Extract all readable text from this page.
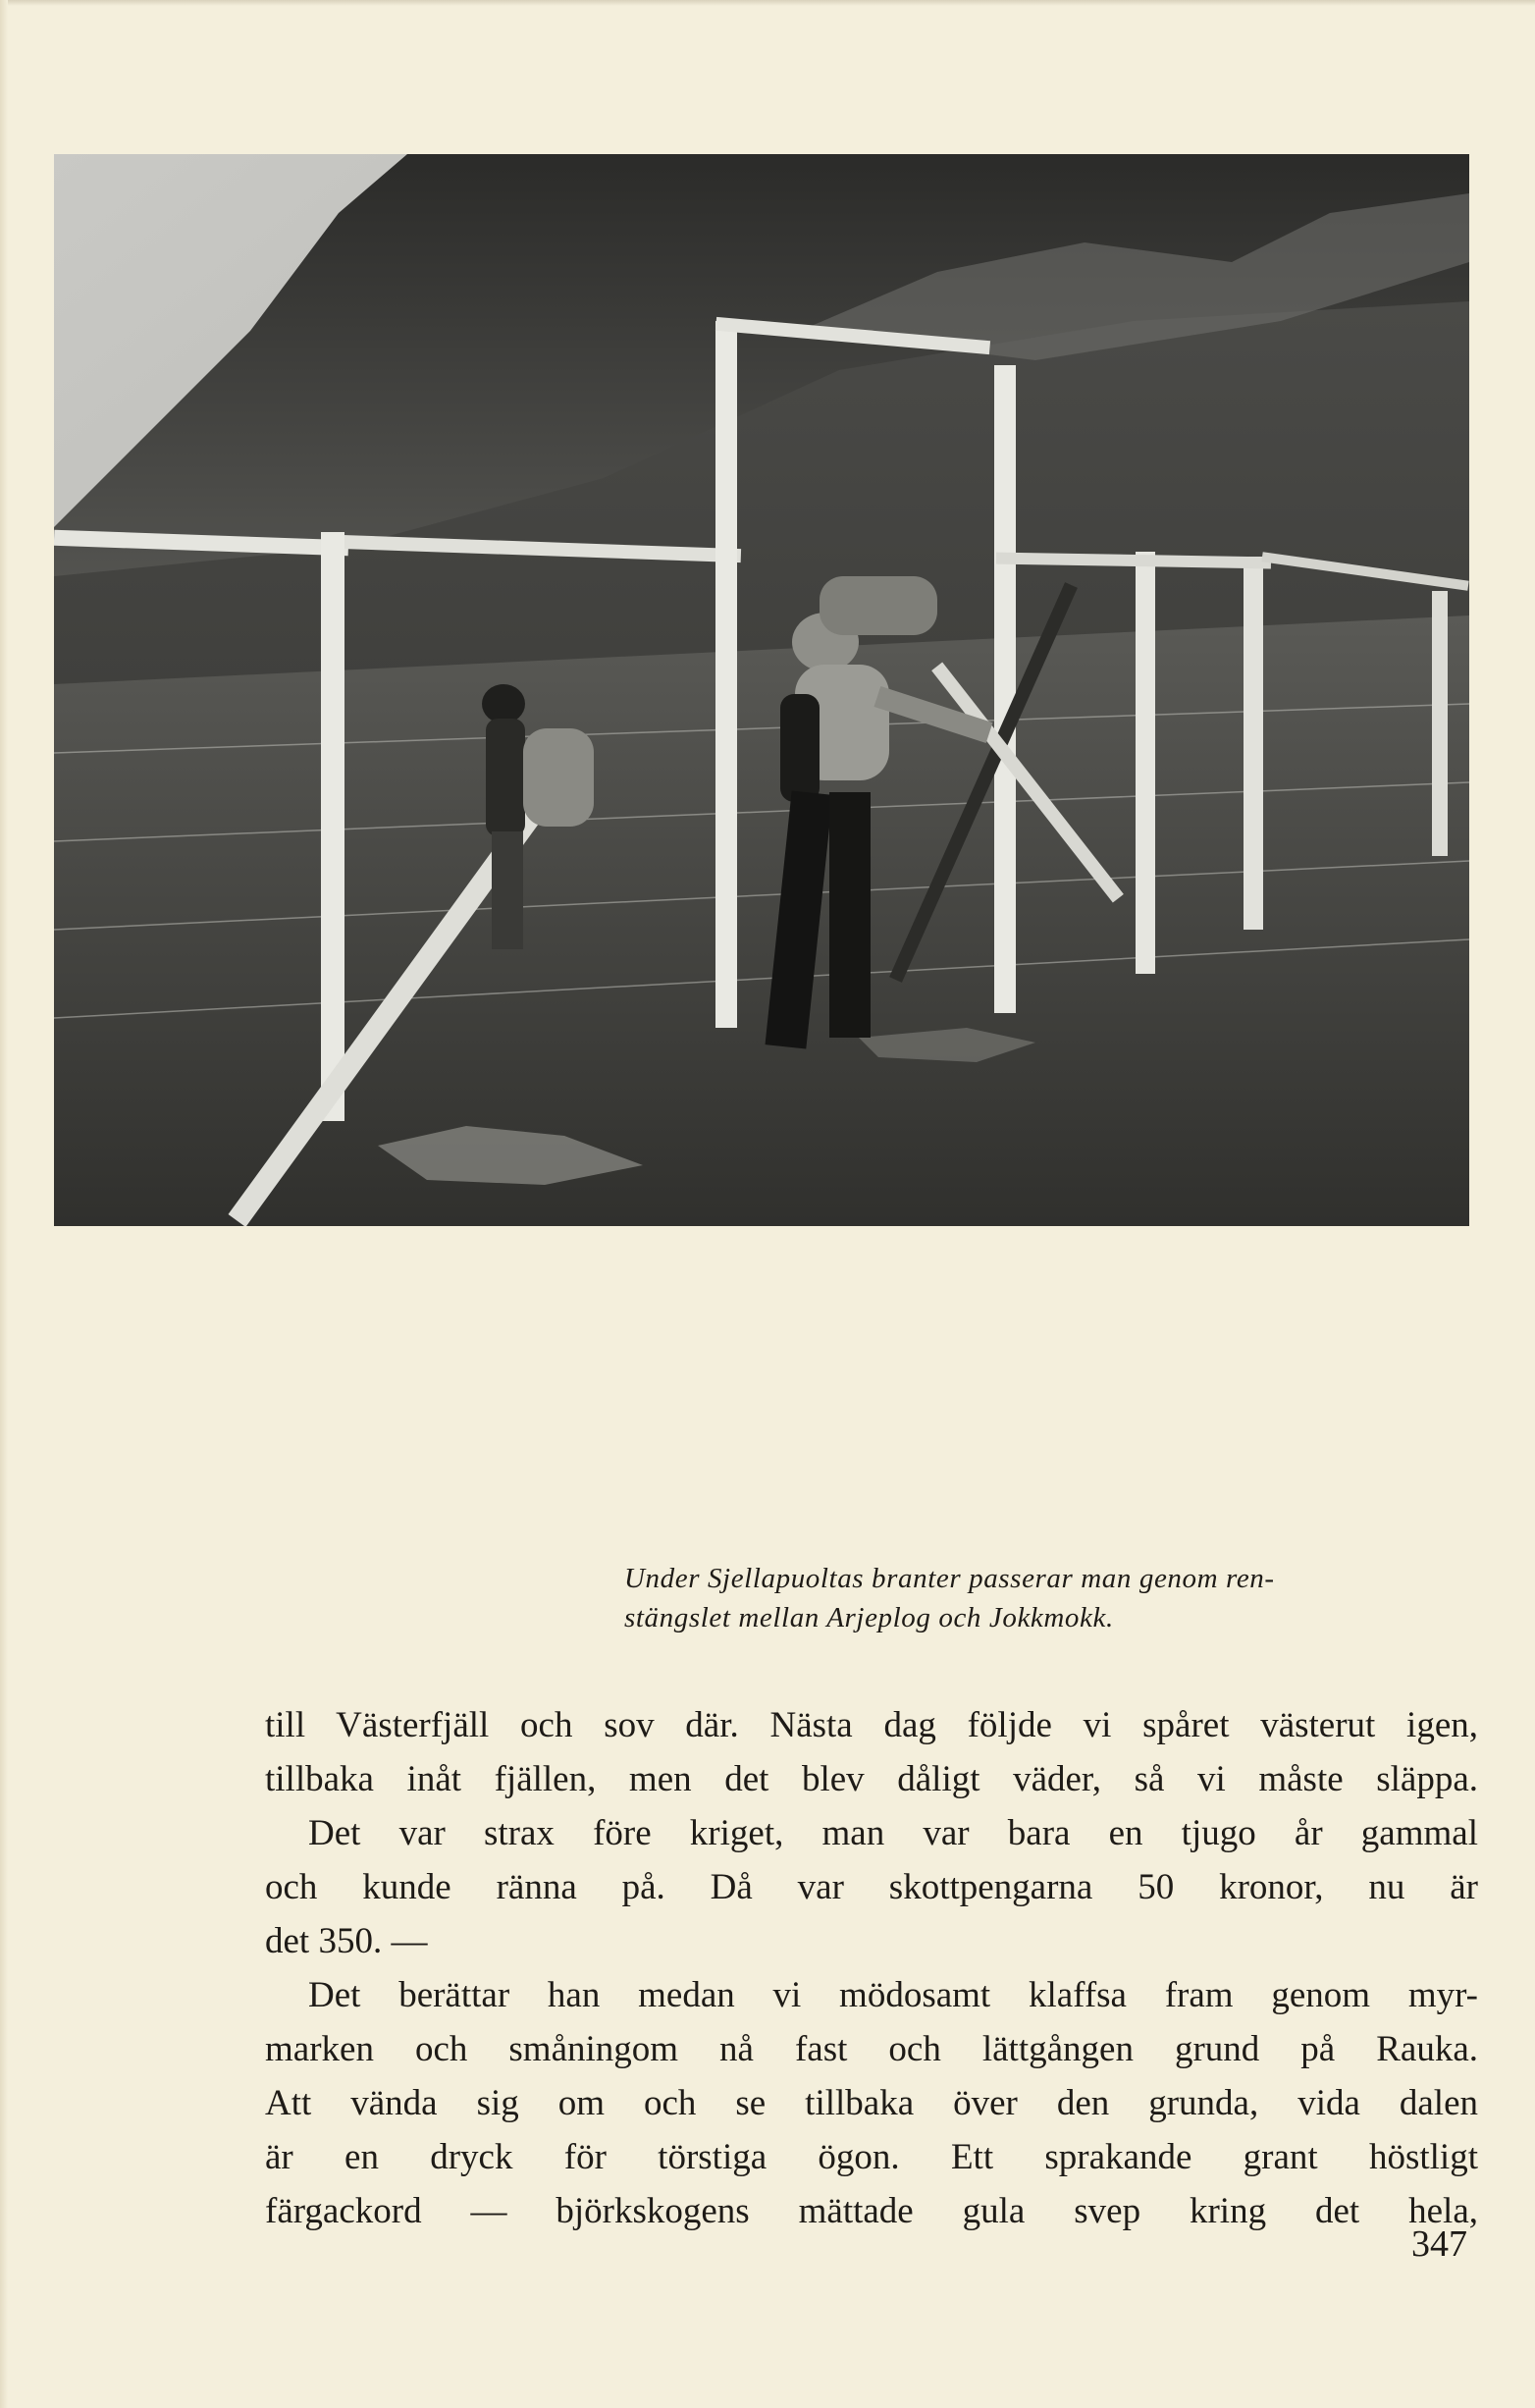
Under Sjellapuoltas branter passerar man genom ren-
stängslet mellan Arjeplog och Jokkmokk.
till Västerfjäll och sov där. Nästa dag följde vi spåret västerut igen,
tillbaka inåt fjällen, men det blev dåligt väder, så vi måste släppa.
Det var strax före kriget, man var bara en tjugo år gammal
och kunde ränna på. Då var skottpengarna 50 kronor, nu är
det 350. —
Det berättar han medan vi mödosamt klaffsa fram genom myr-
marken och småningom nå fast och lättgången grund på Rauka.
Att vända sig om och se tillbaka över den grunda, vida dalen
är en dryck för törstiga ögon. Ett sprakande grant höstligt
färgackord — björkskogens mättade gula svep kring det hela,
347
